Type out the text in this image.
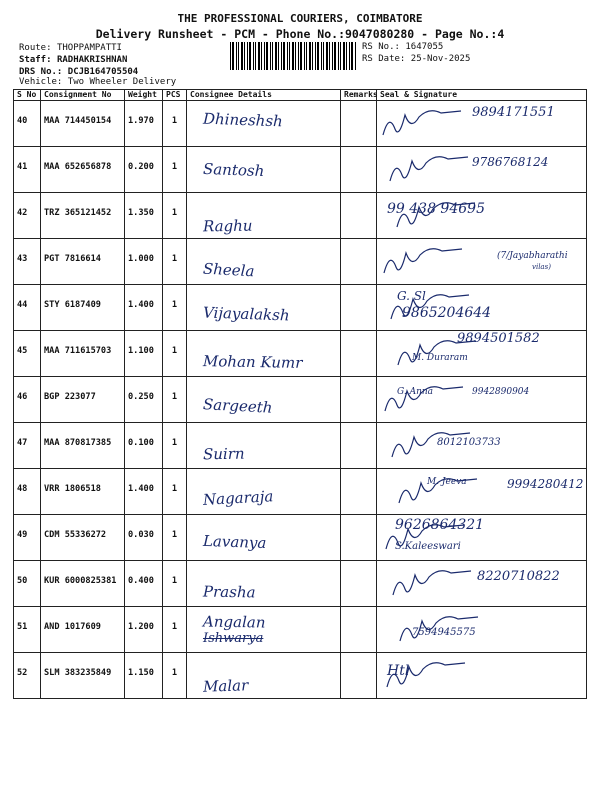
THE PROFESSIONAL COURIERS, COIMBATORE
Delivery Runsheet - PCM - Phone No.:9047080280 - Page No.:4
Route: THOPPAMPATTI
Staff: RADHAKRISHNAN
DRS No.: DCJB164705504
Vehicle: Two Wheeler Delivery
RS No.: 1647055
RS Date: 25-Nov-2025
S No	Consignment No	Weight	PCS	Consignee Details	Remarks	Seal & Signature
40	MAA 714450154	1.970	1	Dhineshsh		9894171551

41	MAA 652656878	0.200	1	Santosh		9786768124

42	TRZ 365121452	1.350	1	Raghu		99 438 94695

43	PGT 7816614	1.000	1	Sheela		(7/Jayabharathi
vilas)

44	STY 6187409	1.400	1	Vijayalaksh		G. Sl
9865204644

45	MAA 711615703	1.100	1	Mohan Kumr		9894501582
M. Duraram

46	BGP 223077	0.250	1	Sargeeth		G. Anna 9942890904

47	MAA 870817385	0.100	1	Suirn		8012103733

48	VRR 1806518	1.400	1	Nagaraja		M. Jeeva 9994280412

49	CDM 55336272	0.030	1	Lavanya		9626864321
S.Kaleeswari

50	KUR 6000825381	0.400	1	Prasha		8220710822

51	AND 1017609	1.200	1	Angalan
Ishwarya		7594945575

52	SLM 383235849	1.150	1	Malar		Htl
